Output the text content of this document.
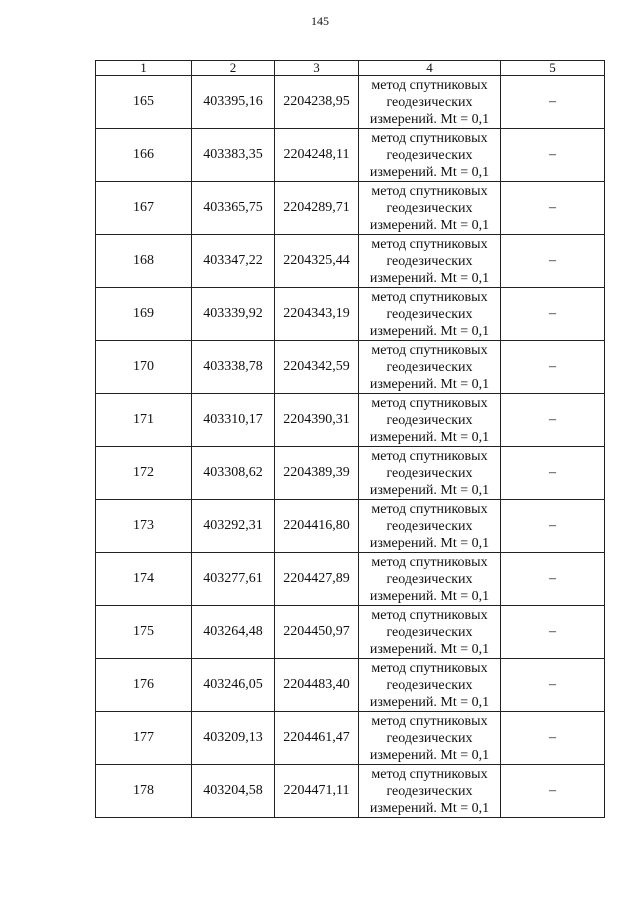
145
1	2	3	4	5
165	403395,16	2204238,95	метод спутниковых
геодезических
измерений. Mt = 0,1	–
166	403383,35	2204248,11	метод спутниковых
геодезических
измерений. Mt = 0,1	–
167	403365,75	2204289,71	метод спутниковых
геодезических
измерений. Mt = 0,1	–
168	403347,22	2204325,44	метод спутниковых
геодезических
измерений. Mt = 0,1	–
169	403339,92	2204343,19	метод спутниковых
геодезических
измерений. Mt = 0,1	–
170	403338,78	2204342,59	метод спутниковых
геодезических
измерений. Mt = 0,1	–
171	403310,17	2204390,31	метод спутниковых
геодезических
измерений. Mt = 0,1	–
172	403308,62	2204389,39	метод спутниковых
геодезических
измерений. Mt = 0,1	–
173	403292,31	2204416,80	метод спутниковых
геодезических
измерений. Mt = 0,1	–
174	403277,61	2204427,89	метод спутниковых
геодезических
измерений. Mt = 0,1	–
175	403264,48	2204450,97	метод спутниковых
геодезических
измерений. Mt = 0,1	–
176	403246,05	2204483,40	метод спутниковых
геодезических
измерений. Mt = 0,1	–
177	403209,13	2204461,47	метод спутниковых
геодезических
измерений. Mt = 0,1	–
178	403204,58	2204471,11	метод спутниковых
геодезических
измерений. Mt = 0,1	–
